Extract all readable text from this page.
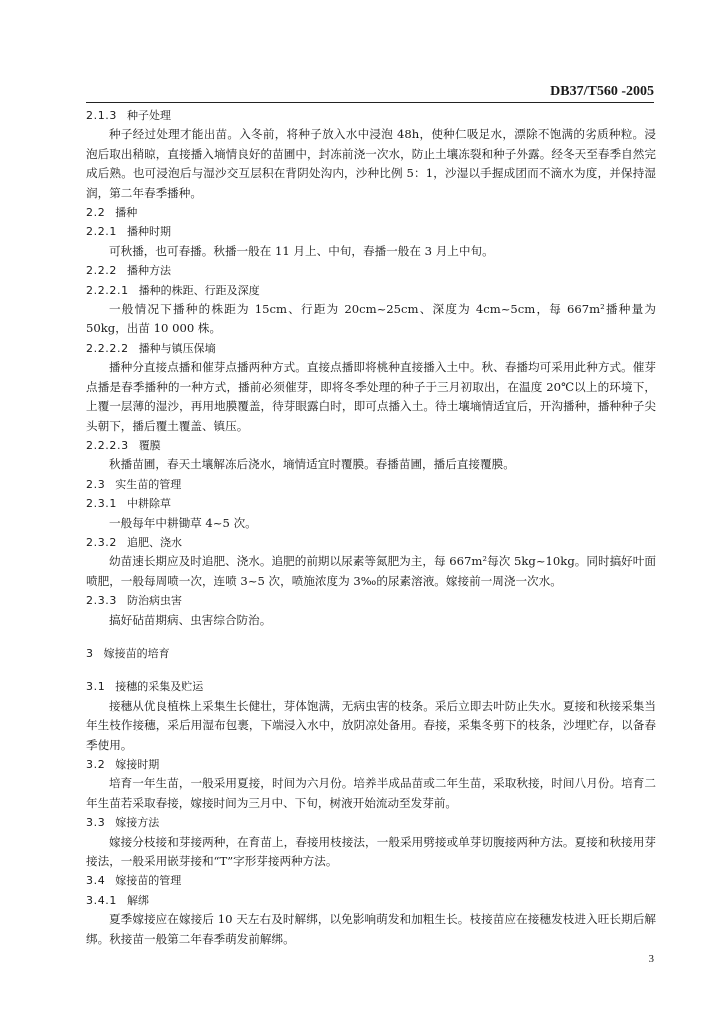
DB37/T560 -2005
2.1.3 种子处理

种子经过处理才能出苗。入冬前，将种子放入水中浸泡 48h，使种仁吸足水，漂除不饱满的劣质种粒。浸泡后取出稍晾，直接播入墒情良好的苗圃中，封冻前浇一次水，防止土壤冻裂和种子外露。经冬天至春季自然完成后熟。也可浸泡后与湿沙交互层积在背阴处沟内，沙种比例 5：1，沙湿以手握成团而不滴水为度，并保持湿润，第二年春季播种。

2.2 播种
2.2.1 播种时期

可秋播，也可春播。秋播一般在 11 月上、中旬，春播一般在 3 月上中旬。

2.2.2 播种方法
2.2.2.1 播种的株距、行距及深度

一般情况下播种的株距为 15cm、行距为 20cm~25cm、深度为 4cm~5cm，每 667m²播种量为 50kg，出苗 10 000 株。

2.2.2.2 播种与镇压保墒

播种分直接点播和催芽点播两种方式。直接点播即将桃种直接播入土中。秋、春播均可采用此种方式。催芽点播是春季播种的一种方式，播前必须催芽，即将冬季处理的种子于三月初取出，在温度 20℃以上的环境下，上覆一层薄的湿沙，再用地膜覆盖，待芽眼露白时，即可点播入土。待土壤墒情适宜后，开沟播种，播种种子尖头朝下，播后覆土覆盖、镇压。

2.2.2.3 覆膜

秋播苗圃，春天土壤解冻后浇水，墒情适宜时覆膜。春播苗圃，播后直接覆膜。

2.3 实生苗的管理
2.3.1 中耕除草

一般每年中耕锄草 4~5 次。

2.3.2 追肥、浇水

幼苗速长期应及时追肥、浇水。追肥的前期以尿素等氮肥为主，每 667m²每次 5kg~10kg。同时搞好叶面喷肥，一般每周喷一次，连喷 3~5 次，喷施浓度为 3‰的尿素溶液。嫁接前一周浇一次水。

2.3.3 防治病虫害

搞好砧苗期病、虫害综合防治。

3 嫁接苗的培育
3.1 接穗的采集及贮运

接穗从优良植株上采集生长健壮，芽体饱满，无病虫害的枝条。采后立即去叶防止失水。夏接和秋接采集当年生枝作接穗，采后用湿布包裹，下端浸入水中，放阴凉处备用。春接，采集冬剪下的枝条，沙埋贮存，以备春季使用。

3.2 嫁接时期

培育一年生苗，一般采用夏接，时间为六月份。培养半成品苗或二年生苗，采取秋接，时间八月份。培育二年生苗若采取春接，嫁接时间为三月中、下旬，树液开始流动至发芽前。

3.3 嫁接方法

嫁接分枝接和芽接两种，在育苗上，春接用枝接法，一般采用劈接或单芽切腹接两种方法。夏接和秋接用芽接法，一般采用嵌芽接和“T”字形芽接两种方法。

3.4 嫁接苗的管理
3.4.1 解绑

夏季嫁接应在嫁接后 10 天左右及时解绑，以免影响萌发和加粗生长。枝接苗应在接穗发枝进入旺长期后解绑。秋接苗一般第二年春季萌发前解绑。

3
